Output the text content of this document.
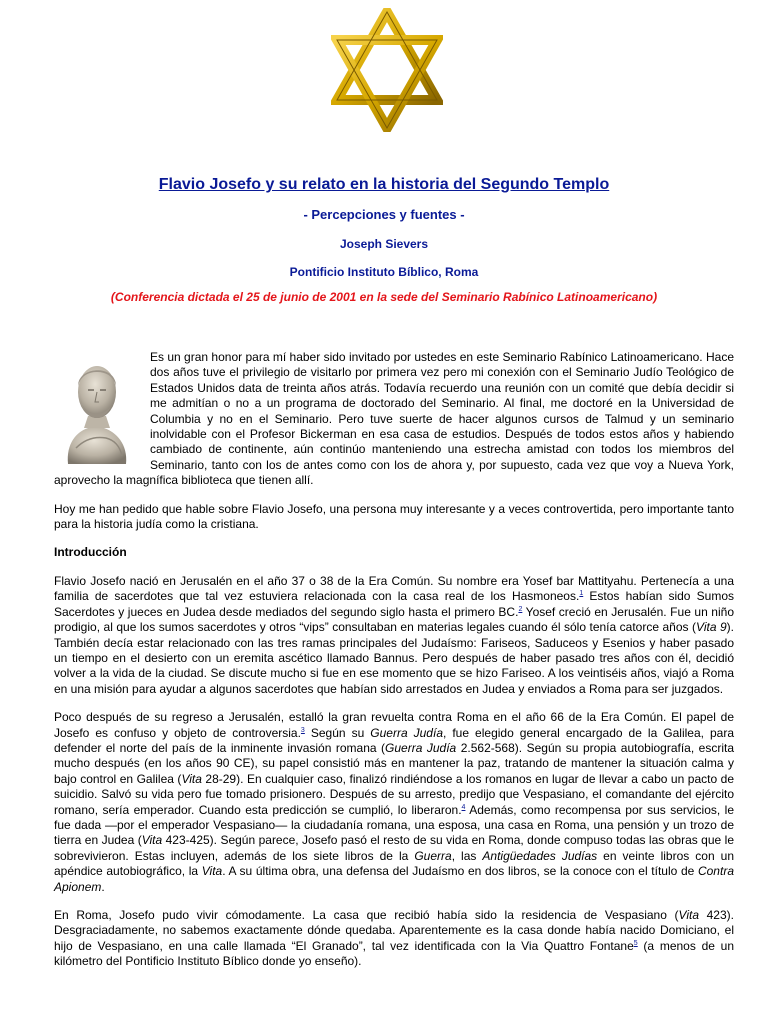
Flavio Josefo y su relato en la historia del Segundo Templo
- Percepciones y fuentes -
Joseph Sievers
Pontificio Instituto Bíblico, Roma
(Conferencia dictada el 25 de junio de 2001 en la sede del Seminario Rabínico Latinoamericano)

Es un gran honor para mí haber sido invitado por ustedes en este Seminario Rabínico Latinoamericano. Hace dos años tuve el privilegio de visitarlo por primera vez pero mi conexión con el Seminario Judío Teológico de Estados Unidos data de treinta años atrás. Todavía recuerdo una reunión con un comité que debía decidir si me admitían o no a un programa de doctorado del Seminario. Al final, me doctoré en la Universidad de Columbia y no en el Seminario. Pero tuve suerte de hacer algunos cursos de Talmud y un seminario inolvidable con el Profesor Bickerman en esa casa de estudios. Después de todos estos años y habiendo cambiado de continente, aún continúo manteniendo una estrecha amistad con todos los miembros del Seminario, tanto con los de antes como con los de ahora y, por supuesto, cada vez que voy a Nueva York, aprovecho la magnífica biblioteca que tienen allí.

Hoy me han pedido que hable sobre Flavio Josefo, una persona muy interesante y a veces controvertida, pero importante tanto para la historia judía como la cristiana.

Introducción

Flavio Josefo nació en Jerusalén en el año 37 o 38 de la Era Común. Su nombre era Yosef bar Mattityahu. Pertenecía a una familia de sacerdotes que tal vez estuviera relacionada con la casa real de los Hasmoneos.$^1$ Estos habían sido Sumos Sacerdotes y jueces en Judea desde mediados del segundo siglo hasta el primero BC.$^2$ Yosef creció en Jerusalén. Fue un niño prodigio, al que los sumos sacerdotes y otros “vips” consultaban en materias legales cuando él sólo tenía catorce años (Vita 9). También decía estar relacionado con las tres ramas principales del Judaísmo: Fariseos, Saduceos y Esenios y haber pasado un tiempo en el desierto con un eremita ascético llamado Bannus. Pero después de haber pasado tres años con él, decidió volver a la vida de la ciudad. Se discute mucho si fue en ese momento que se hizo Fariseo. A los veintiséis años, viajó a Roma en una misión para ayudar a algunos sacerdotes que habían sido arrestados en Judea y enviados a Roma para ser juzgados.

Poco después de su regreso a Jerusalén, estalló la gran revuelta contra Roma en el año 66 de la Era Común. El papel de Josefo es confuso y objeto de controversia.$^3$ Según su Guerra Judía, fue elegido general encargado de la Galilea, para defender el norte del país de la inminente invasión romana (Guerra Judía 2.562-568). Según su propia autobiografía, escrita mucho después (en los años 90 CE), su papel consistió más en mantener la paz, tratando de mantener la situación calma y bajo control en Galilea (Vita 28-29). En cualquier caso, finalizó rindiéndose a los romanos en lugar de llevar a cabo un pacto de suicidio. Salvó su vida pero fue tomado prisionero. Después de su arresto, predijo que Vespasiano, el comandante del ejército romano, sería emperador. Cuando esta predicción se cumplió, lo liberaron.$^4$ Además, como recompensa por sus servicios, le fue dada —por el emperador Vespasiano— la ciudadanía romana, una esposa, una casa en Roma, una pensión y un trozo de tierra en Judea (Vita 423-425). Según parece, Josefo pasó el resto de su vida en Roma, donde compuso todas las obras que le sobrevivieron. Estas incluyen, además de los siete libros de la Guerra, las Antigüedades Judías en veinte libros con un apéndice autobiográfico, la Vita. A su última obra, una defensa del Judaísmo en dos libros, se la conoce con el título de Contra Apionem.

En Roma, Josefo pudo vivir cómodamente. La casa que recibió había sido la residencia de Vespasiano (Vita 423). Desgraciadamente, no sabemos exactamente dónde quedaba. Aparentemente es la casa donde había nacido Domiciano, el hijo de Vespasiano, en una calle llamada “El Granado”, tal vez identificada con la Via Quattro Fontane$^5$ (a menos de un kilómetro del Pontificio Instituto Bíblico donde yo enseño).
